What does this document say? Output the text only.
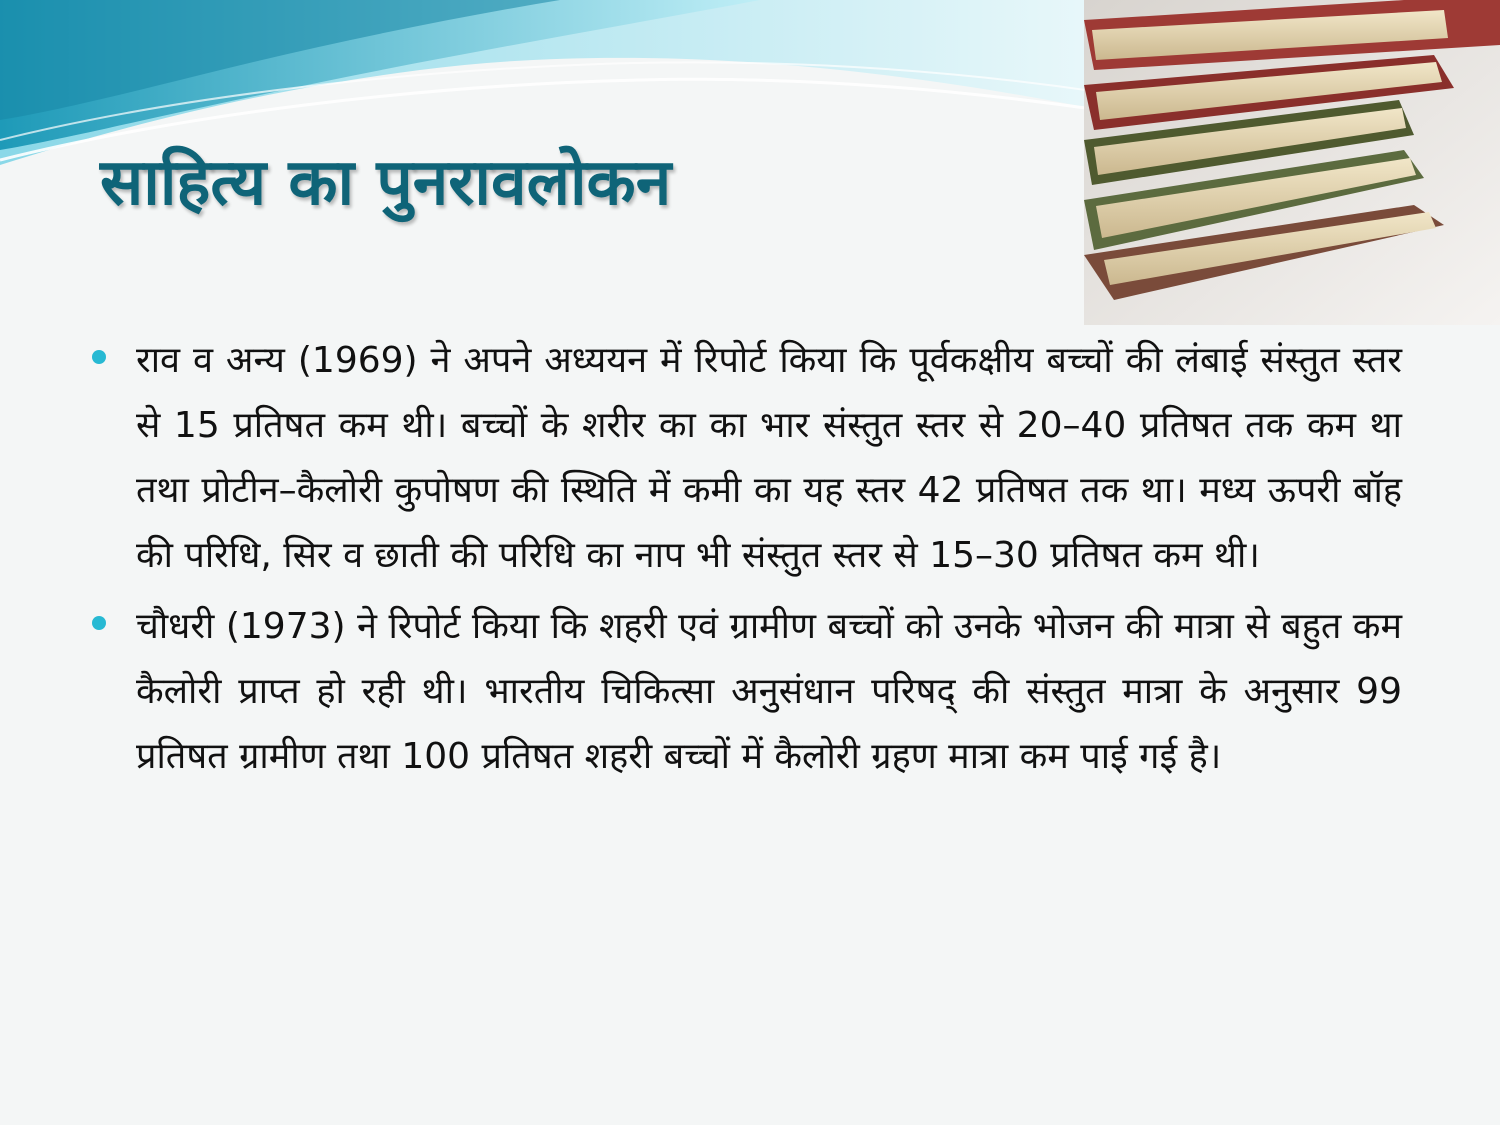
साहित्य का पुनरावलोकन
राव व अन्य (1969) ने अपने अध्ययन में रिपोर्ट किया कि पूर्वकक्षीय बच्चों की लंबाई संस्तुत स्तर से 15 प्रतिषत कम थी। बच्चों के शरीर का का भार संस्तुत स्तर से 20–40 प्रतिषत तक कम था तथा प्रोटीन–कैलोरी कुपोषण की स्थिति में कमी का यह स्तर 42 प्रतिषत तक था। मध्य ऊपरी बॉह की परिधि, सिर व छाती की परिधि का नाप भी संस्तुत स्तर से 15–30 प्रतिषत कम थी।
चौधरी (1973) ने रिपोर्ट किया कि शहरी एवं ग्रामीण बच्चों को उनके भोजन की मात्रा से बहुत कम कैलोरी प्राप्त हो रही थी। भारतीय चिकित्सा अनुसंधान परिषद् की संस्तुत मात्रा के अनुसार 99 प्रतिषत ग्रामीण तथा 100 प्रतिषत शहरी बच्चों में कैलोरी ग्रहण मात्रा कम पाई गई है।
